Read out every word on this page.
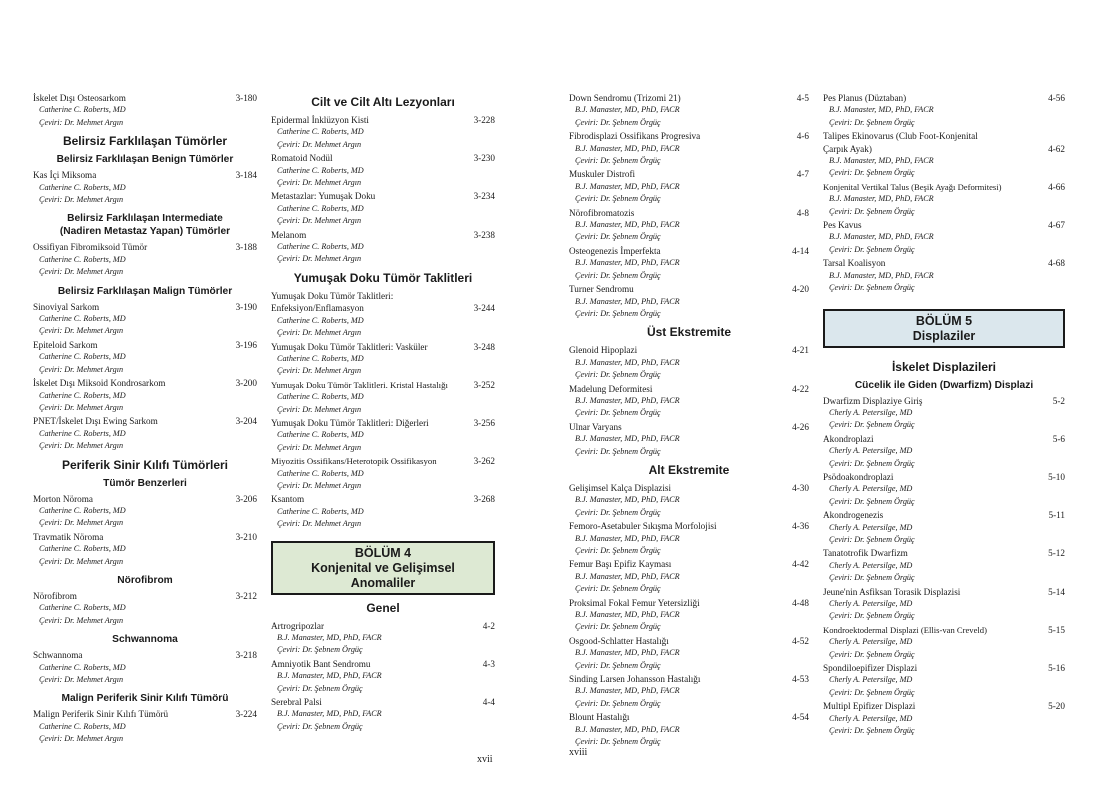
İskelet Dışı Osteosarkom	3-180
Catherine C. Roberts, MD
Çeviri: Dr. Mehmet Argın
Belirsiz Farklılaşan Tümörler
Belirsiz Farklılaşan Benign Tümörler
Kas İçi Miksoma	3-184
Catherine C. Roberts, MD
Çeviri: Dr. Mehmet Argın
Belirsiz Farklılaşan Intermediate (Nadiren Metastaz Yapan) Tümörler
Ossifiyan Fibromiksoid Tümör	3-188
Catherine C. Roberts, MD
Çeviri: Dr. Mehmet Argın
Belirsiz Farklılaşan Malign Tümörler
Sinoviyal Sarkom	3-190
Catherine C. Roberts, MD
Çeviri: Dr. Mehmet Argın
Epiteloid Sarkom	3-196
Catherine C. Roberts, MD
Çeviri: Dr. Mehmet Argın
İskelet Dışı Miksoid Kondrosarkom	3-200
Catherine C. Roberts, MD
Çeviri: Dr. Mehmet Argın
PNET/İskelet Dışı Ewing Sarkom	3-204
Catherine C. Roberts, MD
Çeviri: Dr. Mehmet Argın
Periferik Sinir Kılıfı Tümörleri
Tümör Benzerleri
Morton Nöroma	3-206
Catherine C. Roberts, MD
Çeviri: Dr. Mehmet Argın
Travmatik Nöroma	3-210
Catherine C. Roberts, MD
Çeviri: Dr. Mehmet Argın
Nörofibrom
Nörofibrom	3-212
Catherine C. Roberts, MD
Çeviri: Dr. Mehmet Argın
Schwannoma
Schwannoma	3-218
Catherine C. Roberts, MD
Çeviri: Dr. Mehmet Argın
Malign Periferik Sinir Kılıfı Tümörü
Malign Periferik Sinir Kılıfı Tümörü	3-224
Catherine C. Roberts, MD
Çeviri: Dr. Mehmet Argın
Cilt ve Cilt Altı Lezyonları
Epidermal İnklüzyon Kisti	3-228
Catherine C. Roberts, MD
Çeviri: Dr. Mehmet Argın
Romatoid Nodül	3-230
Catherine C. Roberts, MD
Çeviri: Dr. Mehmet Argın
Metastazlar: Yumuşak Doku	3-234
Catherine C. Roberts, MD
Çeviri: Dr. Mehmet Argın
Melanom	3-238
Catherine C. Roberts, MD
Çeviri: Dr. Mehmet Argın
Yumuşak Doku Tümör Taklitleri
Yumuşak Doku Tümör Taklitleri: Enfeksiyon/Enflamasyon	3-244
Catherine C. Roberts, MD
Çeviri: Dr. Mehmet Argın
Yumuşak Doku Tümör Taklitleri: Vasküler	3-248
Catherine C. Roberts, MD
Çeviri: Dr. Mehmet Argın
Yumuşak Doku Tümör Taklitleri. Kristal Hastalığı	3-252
Catherine C. Roberts, MD
Çeviri: Dr. Mehmet Argın
Yumuşak Doku Tümör Taklitleri: Diğerleri	3-256
Catherine C. Roberts, MD
Çeviri: Dr. Mehmet Argın
Miyozitis Ossifikans/Heterotopik Ossifikasyon	3-262
Catherine C. Roberts, MD
Çeviri: Dr. Mehmet Argın
Ksantom	3-268
Catherine C. Roberts, MD
Çeviri: Dr. Mehmet Argın
BÖLÜM 4
Konjenital ve Gelişimsel
Anomaliler
Genel
Artrogripozlar	4-2
B.J. Manaster, MD, PhD, FACR
Çeviri: Dr. Şebnem Örgüç
Amniyotik Bant Sendromu	4-3
B.J. Manaster, MD, PhD, FACR
Çeviri: Dr. Şebnem Örgüç
Serebral Palsi	4-4
B.J. Manaster, MD, PhD, FACR
Çeviri: Dr. Şebnem Örgüç
Down Sendromu (Trizomi 21)	4-5
B.J. Manaster, MD, PhD, FACR
Çeviri: Dr. Şebnem Örgüç
Fibrodisplazi Ossifikans Progresiva	4-6
B.J. Manaster, MD, PhD, FACR
Çeviri: Dr. Şebnem Örgüç
Muskuler Distrofi	4-7
B.J. Manaster, MD, PhD, FACR
Çeviri: Dr. Şebnem Örgüç
Nörofibromatozis	4-8
B.J. Manaster, MD, PhD, FACR
Çeviri: Dr. Şebnem Örgüç
Osteogenezis İmperfekta	4-14
B.J. Manaster, MD, PhD, FACR
Çeviri: Dr. Şebnem Örgüç
Turner Sendromu	4-20
B.J. Manaster, MD, PhD, FACR
Çeviri: Dr. Şebnem Örgüç
Üst Ekstremite
Glenoid Hipoplazi	4-21
B.J. Manaster, MD, PhD, FACR
Çeviri: Dr. Şebnem Örgüç
Madelung Deformitesi	4-22
B.J. Manaster, MD, PhD, FACR
Çeviri: Dr. Şebnem Örgüç
Ulnar Varyans	4-26
B.J. Manaster, MD, PhD, FACR
Çeviri: Dr. Şebnem Örgüç
Alt Ekstremite
Gelişimsel Kalça Displazisi	4-30
B.J. Manaster, MD, PhD, FACR
Çeviri: Dr. Şebnem Örgüç
Femoro-Asetabuler Sıkışma Morfolojisi	4-36
B.J. Manaster, MD, PhD, FACR
Çeviri: Dr. Şebnem Örgüç
Femur Başı Epifiz Kayması	4-42
B.J. Manaster, MD, PhD, FACR
Çeviri: Dr. Şebnem Örgüç
Proksimal Fokal Femur Yetersizliği	4-48
B.J. Manaster, MD, PhD, FACR
Çeviri: Dr. Şebnem Örgüç
Osgood-Schlatter Hastalığı	4-52
B.J. Manaster, MD, PhD, FACR
Çeviri: Dr. Şebnem Örgüç
Sinding Larsen Johansson Hastalığı	4-53
B.J. Manaster, MD, PhD, FACR
Çeviri: Dr. Şebnem Örgüç
Blount Hastalığı	4-54
B.J. Manaster, MD, PhD, FACR
Çeviri: Dr. Şebnem Örgüç
Pes Planus (Düztaban)	4-56
B.J. Manaster, MD, PhD, FACR
Çeviri: Dr. Şebnem Örgüç
Talipes Ekinovarus (Club Foot-Konjenital Çarpık Ayak)	4-62
B.J. Manaster, MD, PhD, FACR
Çeviri: Dr. Şebnem Örgüç
Konjenital Vertikal Talus (Beşik Ayağı Deformitesi)	4-66
B.J. Manaster, MD, PhD, FACR
Çeviri: Dr. Şebnem Örgüç
Pes Kavus	4-67
B.J. Manaster, MD, PhD, FACR
Çeviri: Dr. Şebnem Örgüç
Tarsal Koalisyon	4-68
B.J. Manaster, MD, PhD, FACR
Çeviri: Dr. Şebnem Örgüç
BÖLÜM 5
Displaziler
İskelet Displazileri
Cücelik ile Giden (Dwarfizm) Displazi
Dwarfizm Displaziye Giriş	5-2
Cherly A. Petersilge, MD
Çeviri: Dr. Şebnem Örgüç
Akondroplazi	5-6
Cherly A. Petersilge, MD
Çeviri: Dr. Şebnem Örgüç
Psödoakondroplazi	5-10
Cherly A. Petersilge, MD
Çeviri: Dr. Şebnem Örgüç
Akondrogenezis	5-11
Cherly A. Petersilge, MD
Çeviri: Dr. Şebnem Örgüç
Tanatotrofik Dwarfizm	5-12
Cherly A. Petersilge, MD
Çeviri: Dr. Şebnem Örgüç
Jeune'nin Asfiksan Torasik Displazisi	5-14
Cherly A. Petersilge, MD
Çeviri: Dr. Şebnem Örgüç
Kondroektodermal Displazi (Ellis-van Creveld)	5-15
Cherly A. Petersilge, MD
Çeviri: Dr. Şebnem Örgüç
Spondiloepifizer Displazi	5-16
Cherly A. Petersilge, MD
Çeviri: Dr. Şebnem Örgüç
Multipl Epifizer Displazi	5-20
Cherly A. Petersilge, MD
Çeviri: Dr. Şebnem Örgüç
xvii
xviii
